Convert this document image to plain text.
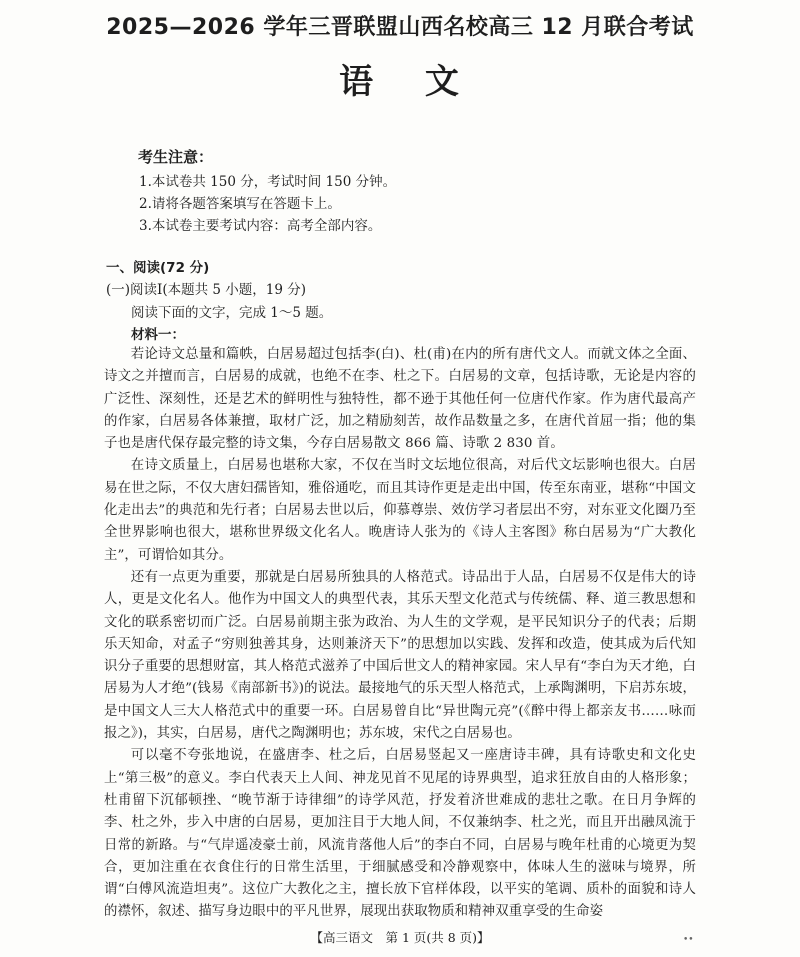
2025—2026 学年三晋联盟山西名校高三 12 月联合考试
语 文
考生注意：
1.本试卷共 150 分，考试时间 150 分钟。
2.请将各题答案填写在答题卡上。
3.本试卷主要考试内容：高考全部内容。
一、阅读(72 分)
(一)阅读Ⅰ(本题共 5 小题，19 分)
阅读下面的文字，完成 1～5 题。
材料一：

若论诗文总量和篇帙，白居易超过包括李(白)、杜(甫)在内的所有唐代文人。而就文体之全面、诗文之并擅而言，白居易的成就，也绝不在李、杜之下。白居易的文章，包括诗歌，无论是内容的广泛性、深刻性，还是艺术的鲜明性与独特性，都不逊于其他任何一位唐代作家。作为唐代最高产的作家，白居易各体兼擅，取材广泛，加之精励刻苦，故作品数量之多，在唐代首屈一指；他的集子也是唐代保存最完整的诗文集，今存白居易散文 866 篇、诗歌 2 830 首。

在诗文质量上，白居易也堪称大家，不仅在当时文坛地位很高，对后代文坛影响也很大。白居易在世之际，不仅大唐妇孺皆知，雅俗通吃，而且其诗作更是走出中国，传至东南亚，堪称“中国文化走出去”的典范和先行者；白居易去世以后，仰慕尊崇、效仿学习者层出不穷，对东亚文化圈乃至全世界影响也很大，堪称世界级文化名人。晚唐诗人张为的《诗人主客图》称白居易为“广大教化主”，可谓恰如其分。

还有一点更为重要，那就是白居易所独具的人格范式。诗品出于人品，白居易不仅是伟大的诗人，更是文化名人。他作为中国文人的典型代表，其乐天型文化范式与传统儒、释、道三教思想和文化的联系密切而广泛。白居易前期主张为政治、为人生的文学观，是平民知识分子的代表；后期乐天知命，对孟子“穷则独善其身，达则兼济天下”的思想加以实践、发挥和改造，使其成为后代知识分子重要的思想财富，其人格范式滋养了中国后世文人的精神家园。宋人早有“李白为天才绝，白居易为人才绝”(钱易《南部新书》)的说法。最接地气的乐天型人格范式，上承陶渊明，下启苏东坡，是中国文人三大人格范式中的重要一环。白居易曾自比“异世陶元亮”(《醉中得上都亲友书……咏而报之》)，其实，白居易，唐代之陶渊明也；苏东坡，宋代之白居易也。

可以毫不夸张地说，在盛唐李、杜之后，白居易竖起又一座唐诗丰碑，具有诗歌史和文化史上“第三极”的意义。李白代表天上人间、神龙见首不见尾的诗界典型，追求狂放自由的人格形象；杜甫留下沉郁顿挫、“晚节渐于诗律细”的诗学风范，抒发着济世难成的悲壮之歌。在日月争辉的李、杜之外，步入中唐的白居易，更加注目于大地人间，不仅兼纳李、杜之光，而且开出融凤流于日常的新路。与“气岸遥凌豪士前，风流肯落他人后”的李白不同，白居易与晚年杜甫的心境更为契合，更加注重在衣食住行的日常生活里，于细腻感受和冷静观察中，体味人生的滋味与境界，所谓“白傅风流造坦夷”。这位广大教化之主，擅长放下官样体段，以平实的笔调、质朴的面貌和诗人的襟怀，叙述、描写身边眼中的平凡世界，展现出获取物质和精神双重享受的生命姿

【高三语文　第 1 页(共 8 页)】	••
